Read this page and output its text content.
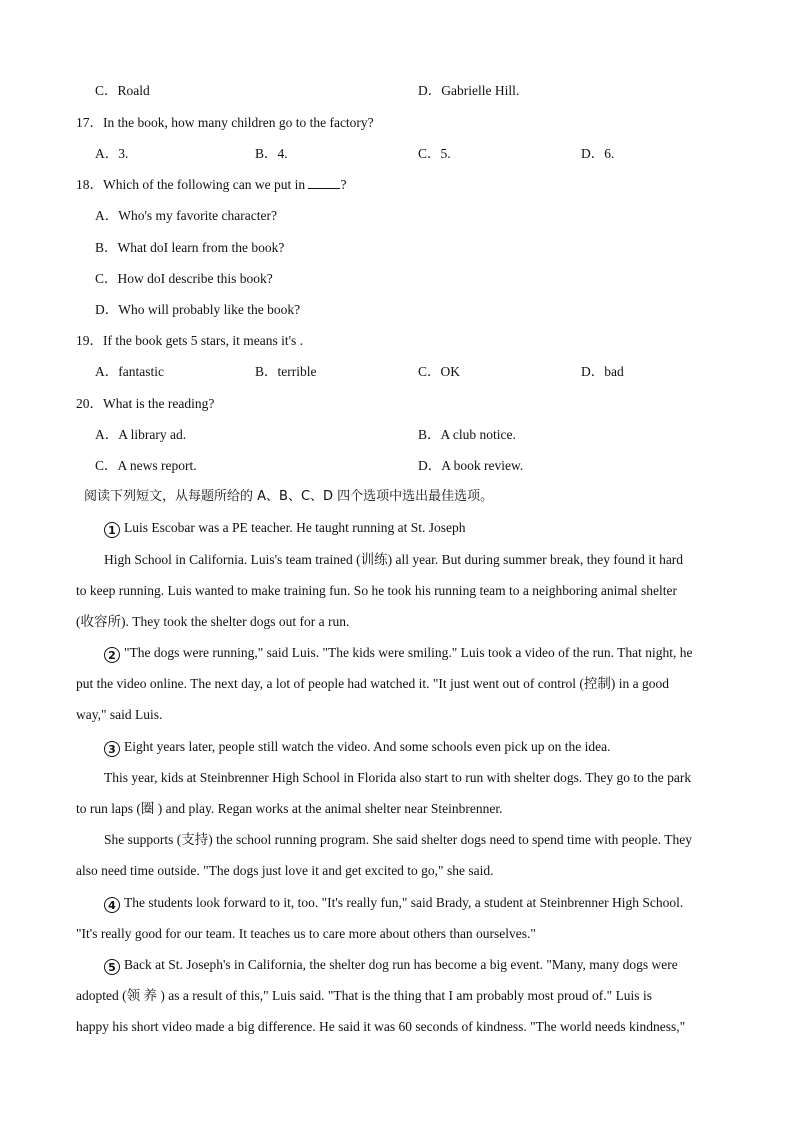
C．Roald	D．Gabrielle Hill.
17．In the book, how many children go to the factory?
A．3.	B．4.	C．5.	D．6.
18．Which of the following can we put in ?
A．Who's my favorite character?
B．What doI learn from the book?
C．How doI describe this book?
D．Who will probably like the book?
19．If the book gets 5 stars, it means it's .
A．fantastic	B．terrible	C．OK	D．bad
20．What is the reading?
A．A library ad.	B．A club notice.
C．A news report.	D．A book review.
阅读下列短文，从每题所给的 A、B、C、D 四个选项中选出最佳选项。
1 Luis Escobar was a PE teacher. He taught running at St. Joseph
High School in California. Luis's team trained (训练) all year. But during summer break, they found it hard
to keep running. Luis wanted to make training fun. So he took his running team to a neighboring animal shelter
(收容所). They took the shelter dogs out for a run.
2 "The dogs were running," said Luis. "The kids were smiling." Luis took a video of the run. That night, he
put the video online. The next day, a lot of people had watched it. "It just went out of control (控制) in a good
way," said Luis.
3 Eight years later, people still watch the video. And some schools even pick up on the idea.
This year, kids at Steinbrenner High School in Florida also start to run with shelter dogs. They go to the park
to run laps (圈 ) and play. Regan works at the animal shelter near Steinbrenner.
She supports (支持) the school running program. She said shelter dogs need to spend time with people. They
also need time outside. "The dogs just love it and get excited to go," she said.
4 The students look forward to it, too. "It's really fun," said Brady, a student at Steinbrenner High School.
"It's really good for our team. It teaches us to care more about others than ourselves."
5 Back at St. Joseph's in California, the shelter dog run has become a big event. "Many, many dogs were
adopted (领 养 ) as a result of this," Luis said. "That is the thing that I am probably most proud of." Luis is
happy his short video made a big difference. He said it was 60 seconds of kindness. "The world needs kindness,"
